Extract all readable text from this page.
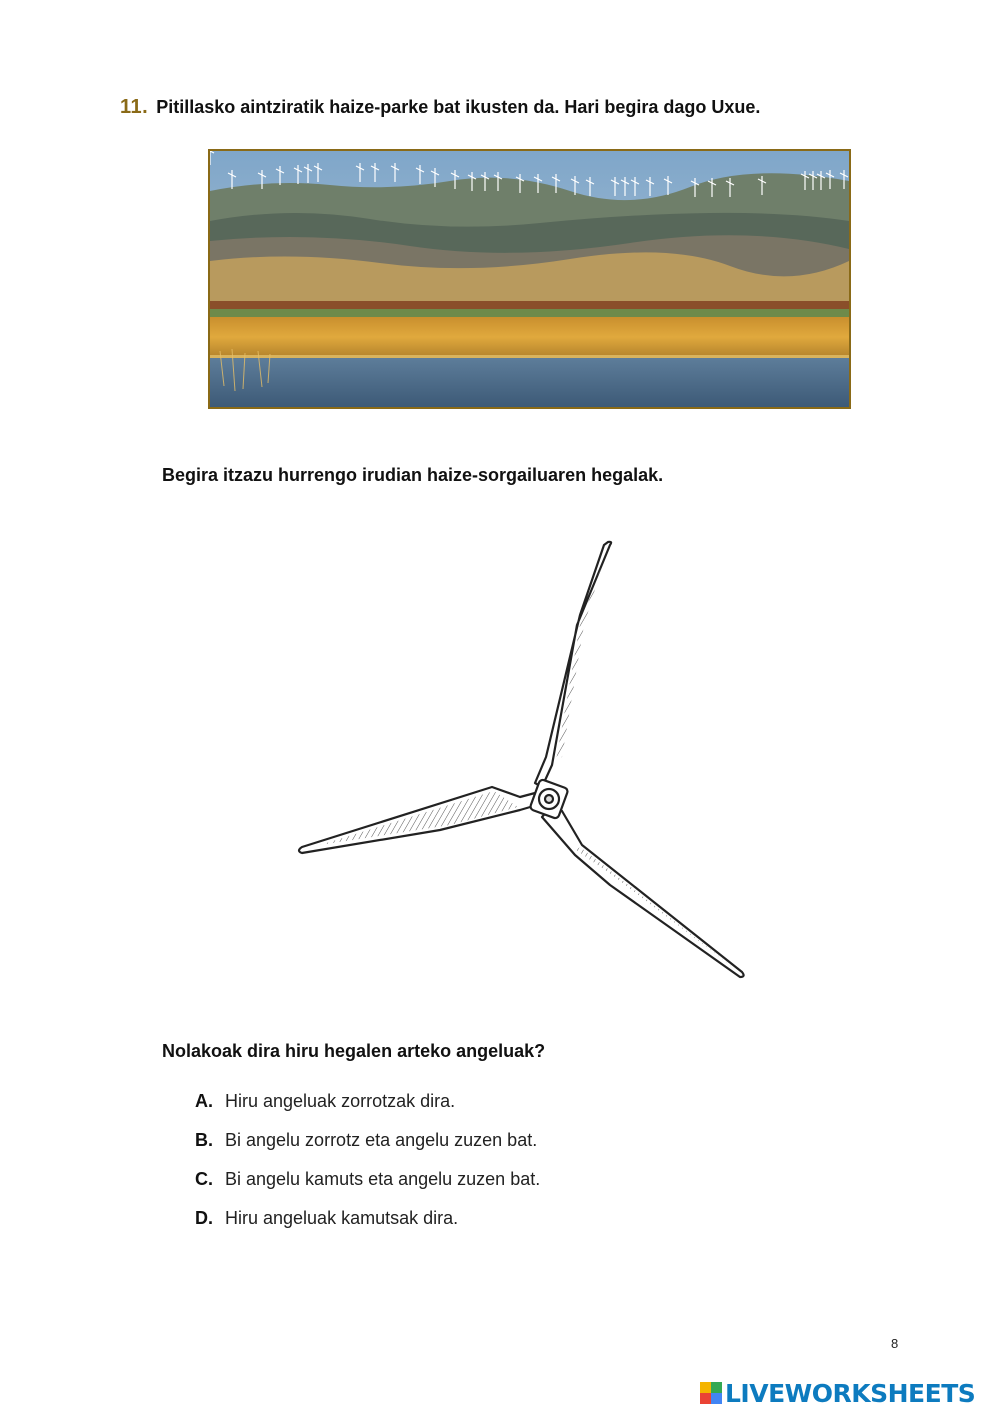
11. Pitillasko aintziratik haize-parke bat ikusten da. Hari begira dago Uxue.
Begira itzazu hurrengo irudian haize-sorgailuaren hegalak.
Nolakoak dira hiru hegalen arteko angeluak?
A. Hiru angeluak zorrotzak dira.
B. Bi angelu zorrotz eta angelu zuzen bat.
C. Bi angelu kamuts eta angelu zuzen bat.
D. Hiru angeluak kamutsak dira.
8
LIVEWORKSHEETS
